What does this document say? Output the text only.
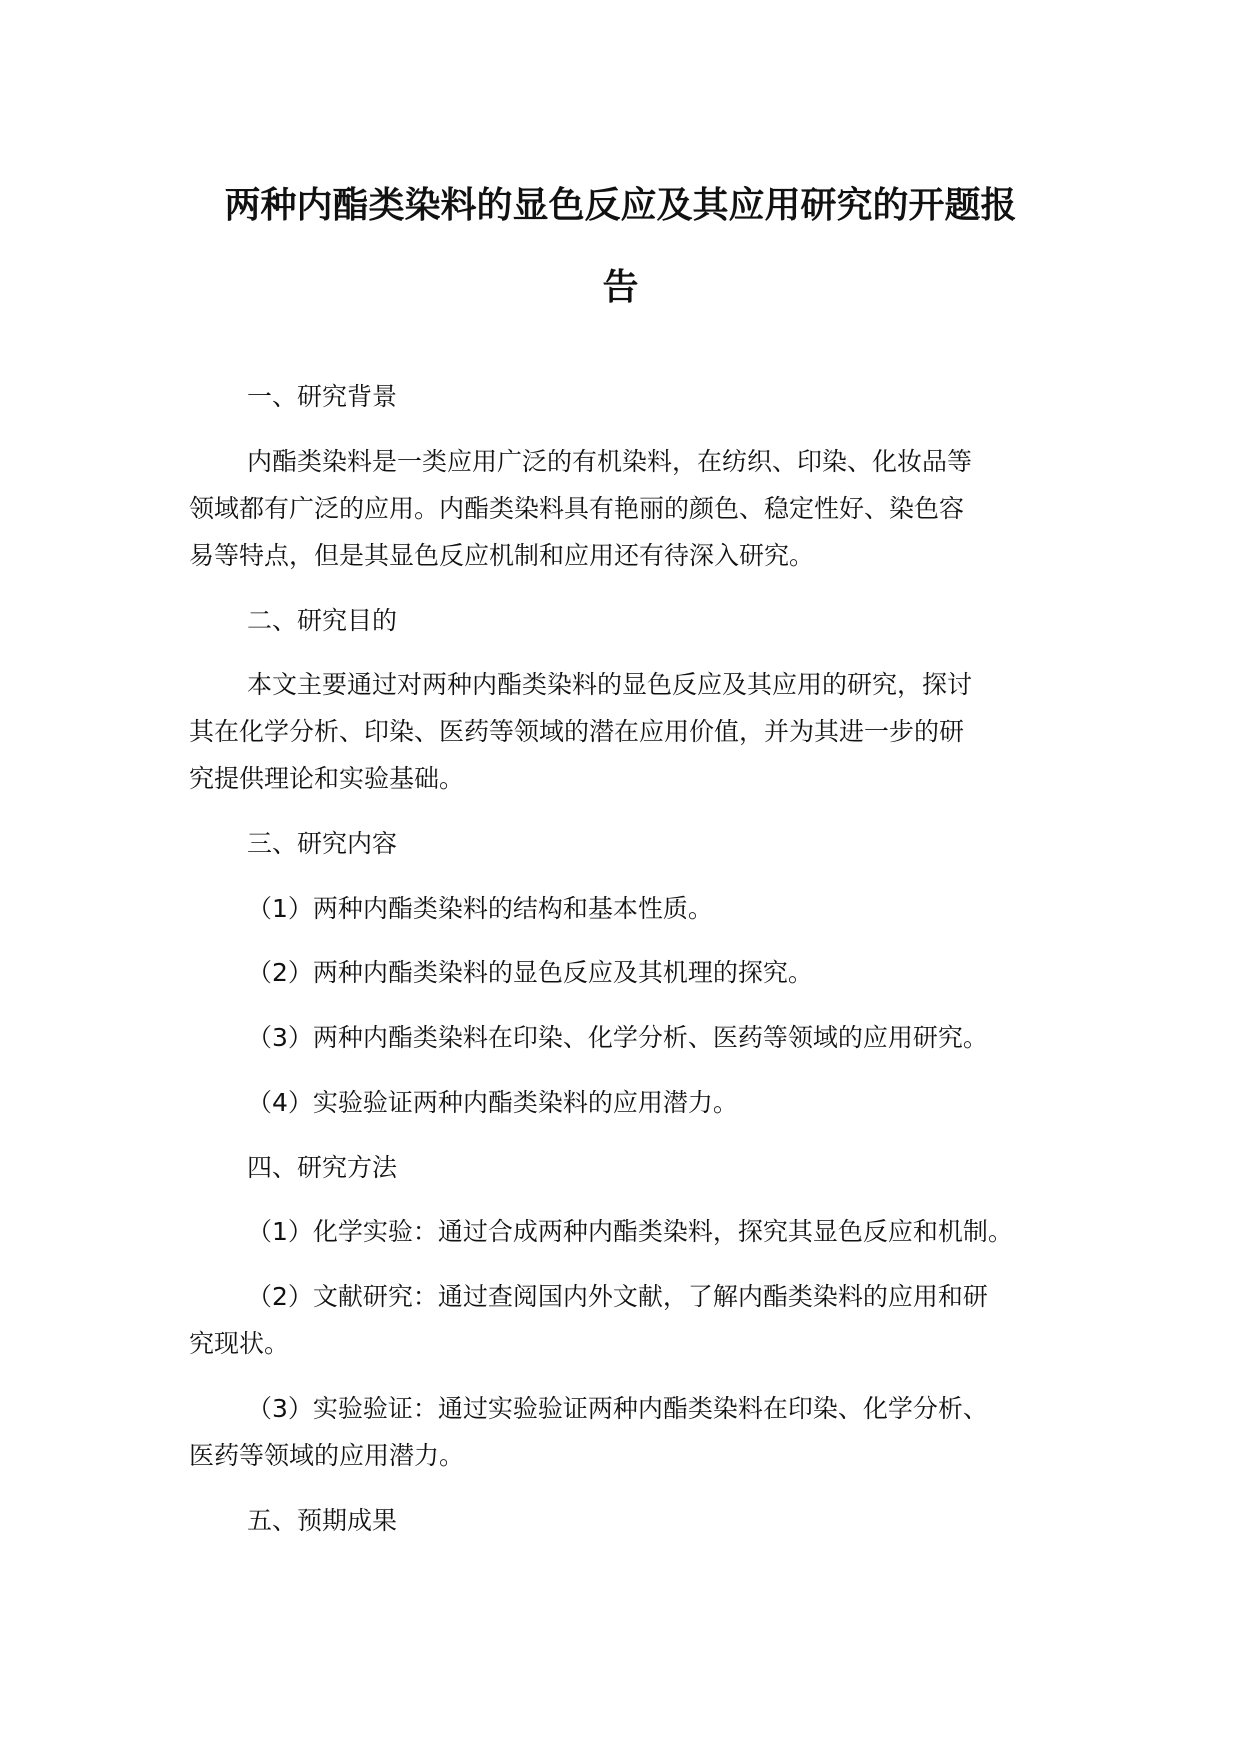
两种内酯类染料的显色反应及其应用研究的开题报
告

一、研究背景

内酯类染料是一类应用广泛的有机染料，在纺织、印染、化妆品等

领域都有广泛的应用。内酯类染料具有艳丽的颜色、稳定性好、染色容

易等特点，但是其显色反应机制和应用还有待深入研究。

二、研究目的

本文主要通过对两种内酯类染料的显色反应及其应用的研究，探讨

其在化学分析、印染、医药等领域的潜在应用价值，并为其进一步的研

究提供理论和实验基础。

三、研究内容

（1）两种内酯类染料的结构和基本性质。

（2）两种内酯类染料的显色反应及其机理的探究。

（3）两种内酯类染料在印染、化学分析、医药等领域的应用研究。

（4）实验验证两种内酯类染料的应用潜力。

四、研究方法

（1）化学实验：通过合成两种内酯类染料，探究其显色反应和机制。

（2）文献研究：通过查阅国内外文献，了解内酯类染料的应用和研

究现状。

（3）实验验证：通过实验验证两种内酯类染料在印染、化学分析、

医药等领域的应用潜力。

五、预期成果
